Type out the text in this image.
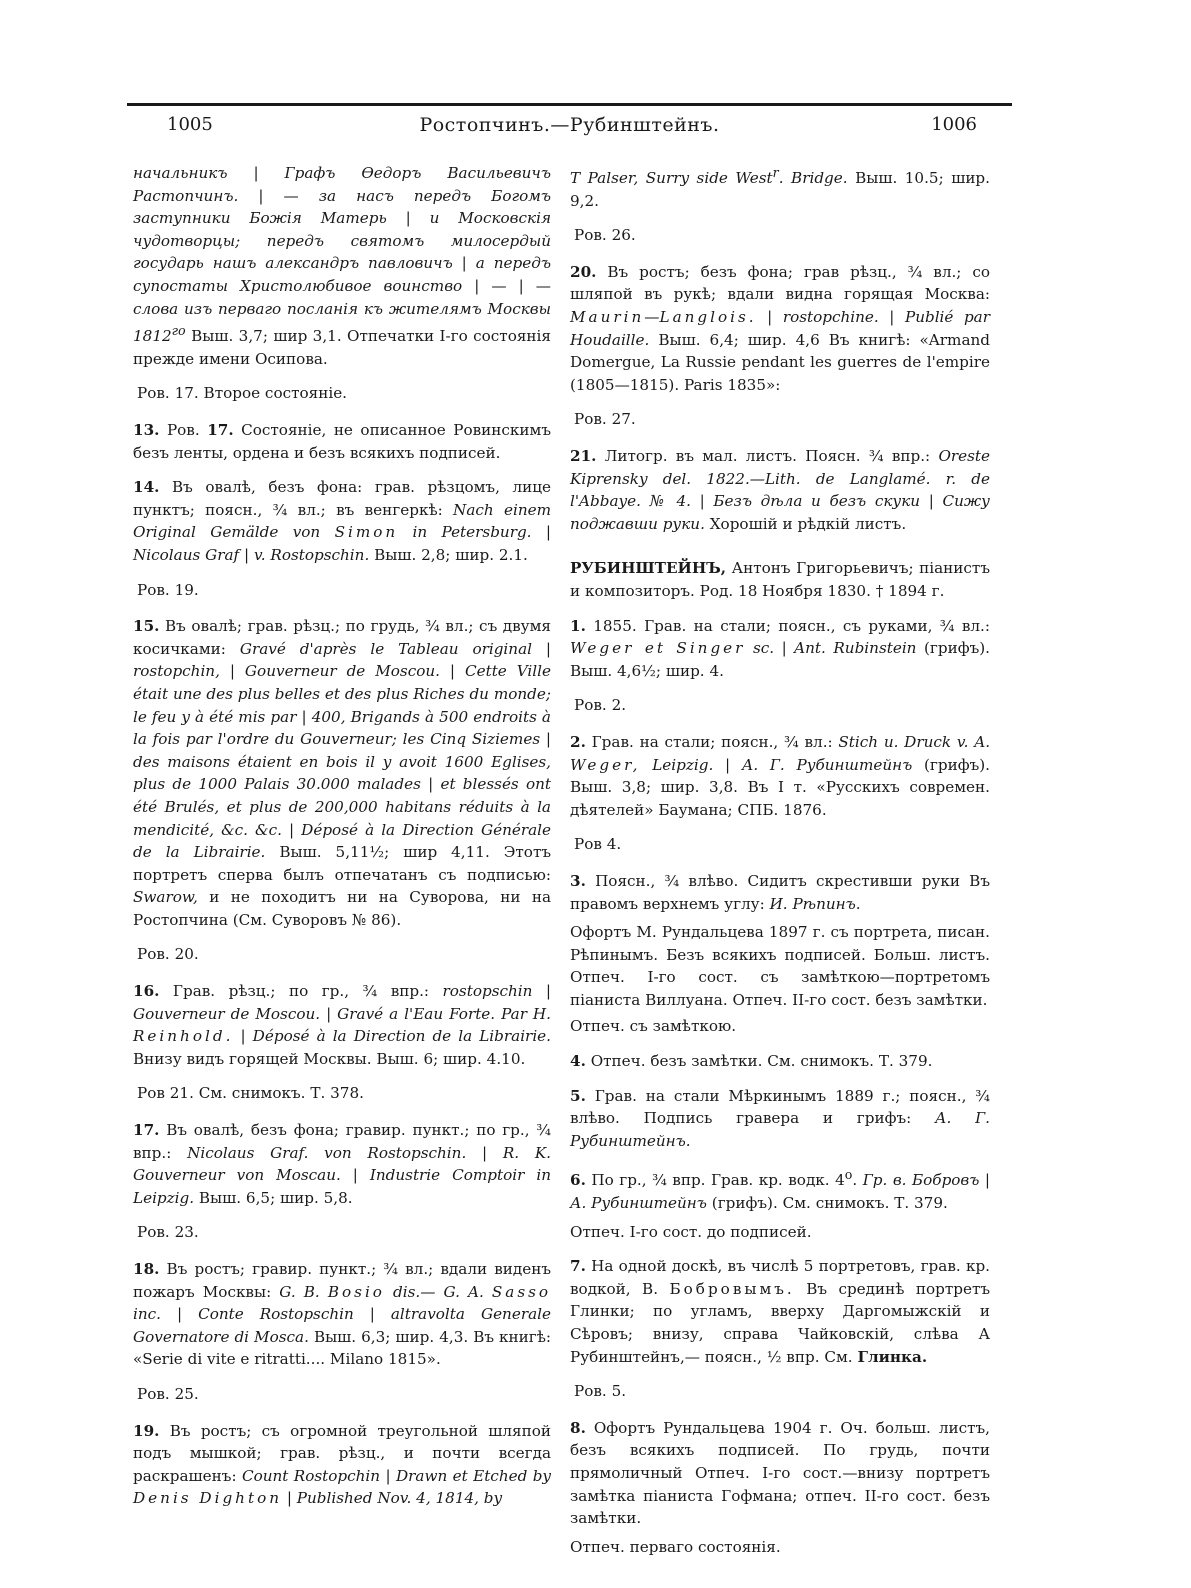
1005	Ростопчинъ.—Рубинштейнъ.	1006

начальникъ | Графъ Өедоръ Васильевичъ Растопчинъ. | — за насъ передъ Богомъ заступники Божія Матерь | и Московскія чудотворцы; передъ святомъ милосердый государь нашъ александръ павловичъ | а передъ супостаты Христолюбивое воинство | — | — слова изъ перваго посланія къ жителямъ Москвы $1812^{го}$ Выш. 3,7; шир 3,1. Отпечатки I-го состоянія прежде имени Осипова.

Ров. 17. Второе состояніе.

13. Ров. 17. Состояніе, не описанное Ровинскимъ безъ ленты, ордена и безъ всякихъ подписей.

14. Въ овалѣ, безъ фона: грав. рѣзцомъ, лице пунктъ; поясн., ¾ вл.; въ венгеркѣ: Nach einem Original Gemälde von Simon in Petersburg. | Nicolaus Graf | v. Rostopschin. Выш. 2,8; шир. 2.1.

Ров. 19.

15. Въ овалѣ; грав. рѣзц.; по грудь, ¾ вл.; съ двумя косичками: Gravé d'après le Tableau original | rostopchin, | Gouverneur de Moscou. | Cette Ville était une des plus belles et des plus Riches du monde; le feu y à été mis par | 400, Brigands à 500 endroits à la fois par l'ordre du Gouverneur; les Cinq Siziemes | des maisons étaient en bois il y avoit 1600 Eglises, plus de 1000 Palais 30.000 malades | et blessés ont été Brulés, et plus de 200,000 habitans réduits à la mendicité, &c. &c. | Déposé à la Direction Générale de la Librairie. Выш. 5,11½; шир 4,11. Этотъ портретъ сперва былъ отпечатанъ съ подписью: Swarow, и не походитъ ни на Суворова, ни на Ростопчина (См. Суворовъ № 86).

Ров. 20.

16. Грав. рѣзц.; по гр., ¾ впр.: rostopschin | Gouverneur de Moscou. | Gravé a l'Eau Forte. Par H. Reinhold. | Déposé à la Direction de la Librairie. Внизу видъ горящей Москвы. Выш. 6; шир. 4.10.

Ров 21. См. снимокъ. Т. 378.

17. Въ овалѣ, безъ фона; гравир. пункт.; по гр., ¾ впр.: Nicolaus Graf. von Rostopschin. | R. K. Gouverneur von Moscau. | Industrie Comptoir in Leipzig. Выш. 6,5; шир. 5,8.

Ров. 23.

18. Въ ростъ; гравир. пункт.; ¾ вл.; вдали виденъ пожаръ Москвы: G. B. Bosio dis.— G. A. Sasso inc. | Conte Rostopschin | altravolta Generale Governatore di Mosca. Выш. 6,3; шир. 4,3. Въ книгѣ: «Serie di vite e ritratti.... Milano 1815».

Ров. 25.

19. Въ ростъ; съ огромной треугольной шляпой подъ мышкой; грав. рѣзц., и почти всегда раскрашенъ: Count Rostopchin | Drawn et Etched by Denis Dighton | Published Nov. 4, 1814, by

T Palser, Surry side West$^r$. Bridge. Выш. 10.5; шир. 9,2.

Ров. 26.

20. Въ ростъ; безъ фона; грав рѣзц., ¾ вл.; со шляпой въ рукѣ; вдали видна горящая Москва: Maurin—Langlois. | rostopchine. | Publié par Houdaille. Выш. 6,4; шир. 4,6 Въ книгѣ: «Armand Domergue, La Russie pendant les guerres de l'empire (1805—1815). Paris 1835»:

Ров. 27.

21. Литогр. въ мал. листъ. Поясн. ¾ впр.: Oreste Kiprensky del. 1822.—Lith. de Langlamé. r. de l'Abbaye. № 4. | Безъ дѣла и безъ скуки | Сижу поджавши руки. Хорошій и рѣдкій листъ.

РУБИНШТЕЙНЪ, Антонъ Григорьевичъ; піанистъ и композиторъ. Род. 18 Ноября 1830. † 1894 г.

1. 1855. Грав. на стали; поясн., съ руками, ¾ вл.: Weger et Singer sc. | Ant. Rubinstein (грифъ). Выш. 4,6½; шир. 4.

Ров. 2.

2. Грав. на стали; поясн., ¾ вл.: Stich u. Druck v. A. Weger, Leipzig. | А. Г. Рубинштейнъ (грифъ). Выш. 3,8; шир. 3,8. Въ I т. «Русскихъ современ. дѣятелей» Баумана; СПБ. 1876.

Ров 4.

3. Поясн., ¾ влѣво. Сидитъ скрестивши руки Въ правомъ верхнемъ углу: И. Рѣпинъ.

Офортъ М. Рундальцева 1897 г. съ портрета, писан. Рѣпинымъ. Безъ всякихъ подписей. Больш. листъ. Отпеч. I-го сост. съ замѣткою—портретомъ піаниста Виллуана. Отпеч. II-го сост. безъ замѣтки.

Отпеч. съ замѣткою.

4. Отпеч. безъ замѣтки. См. снимокъ. Т. 379.

5. Грав. на стали Мѣркинымъ 1889 г.; поясн., ¾ влѣво. Подпись гравера и грифъ: А. Г. Рубинштейнъ.

6. По гр., ¾ впр. Грав. кр. водк. $4^о$. Гр. в. Бобровъ | А. Рубинштейнъ (грифъ). См. снимокъ. Т. 379.

Отпеч. I-го сост. до подписей.

7. На одной доскѣ, въ числѣ 5 портретовъ, грав. кр. водкой, В. Бобровымъ. Въ срединѣ портретъ Глинки; по угламъ, вверху Даргомыжскій и Сѣровъ; внизу, справа Чайковскій, слѣва А Рубинштейнъ,— поясн., ½ впр. См. Глинка.

Ров. 5.

8. Офортъ Рундальцева 1904 г. Оч. больш. листъ, безъ всякихъ подписей. По грудь, почти прямоличный Отпеч. I-го сост.—внизу портретъ замѣтка піаниста Гофмана; отпеч. II-го сост. безъ замѣтки.

Отпеч. перваго состоянія.
